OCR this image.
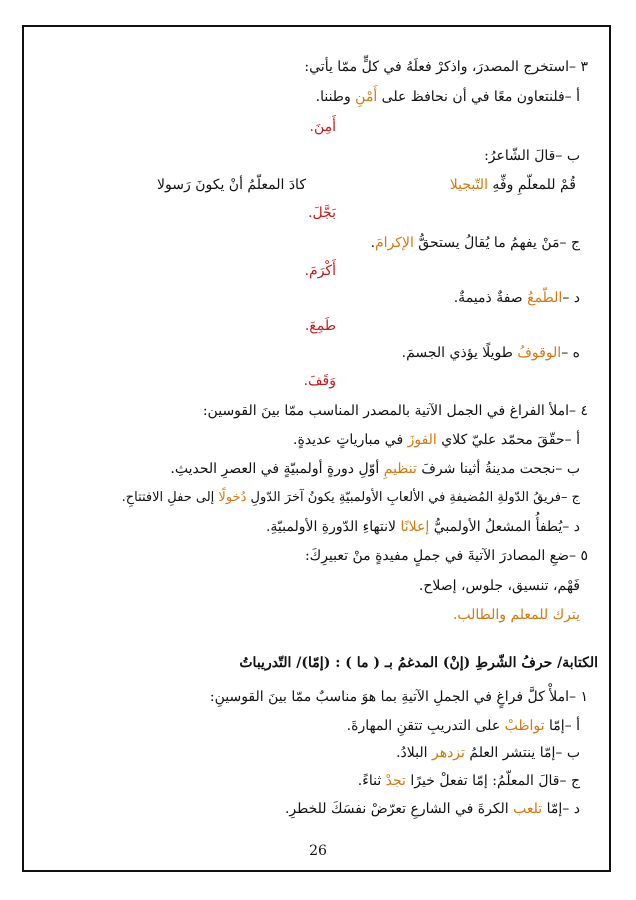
٣ –استخرج المصدرَ، واذكرْ فعلَهُ في كلٍّ ممّا يأتي:
أ –فلنتعاون معًا في أن نحافظ على أَمْنِ وطننا.
أَمِنَ.
ب –قالَ الشّاعرُ:
قُمْ للمعلّمِ وفِّهِ التّبجيلا
كادَ المعلّمُ أنْ يكونَ رَسولا
بَجَّلَ.
ج –مَنْ يفهمُ ما يُقالُ يستحقُّ الإكرامَ.
أَكْرَمَ.
د –الطّمعُ صفةٌ ذميمةٌ.
طَمِعَ.
ه –الوقوفُ طويلًا يؤذي الجسمَ.
وَقَفَ.
٤ –املأ الفراغ في الجمل الآتية بالمصدر المناسب ممّا بينَ القوسين:
أ –حقّقَ محمّد عليّ كلاي الفوزَ في مبارياتٍ عديدةٍ.
ب –نجحت مدينةُ أثينا شرفَ تنظيمِ أوّلِ دورةٍ أولمبيّةٍ في العصرِ الحديثِ.
ج –فريقُ الدّولةِ المُضيفةِ في الألعابِ الأولمبيّةِ يكونُ آخرَ الدّولِ دُخولًا إلى حفلِ الافتتاحِ.
د –يُطفأُ المشعلُ الأولمبيُّ إعلانًا لانتهاءِ الدّورةِ الأولمبيّةِ.
٥ –ضعِ المصادرَ الآتيةَ في جملٍ مفيدةٍ منْ تعبيرِكَ:
فَهْم، تنسيق، جلوس، إصلاح.
يترك للمعلم والطالب.
الكتابة/ حرفُ الشّرطِ (إنْ) المدغمُ بـ ( ما ) : (إمّا)/ التّدريباتُ
١ –املأْ كلَّ فراغٍ في الجملِ الآتيةِ بما هوَ مناسبٌ ممّا بينَ القوسينِ:
أ –إمّا تواظبْ على التدريبِ تتقنِ المهارةَ.
ب –إمّا ينتشر العلمُ تزدهر البلادُ.
ج –قالَ المعلّمُ: إمّا تفعلْ خيرًا تجدْ ثناءً.
د –إمّا تلعب الكرةَ في الشارعِ تعرّضْ نفسَكَ للخطرِ.
26
